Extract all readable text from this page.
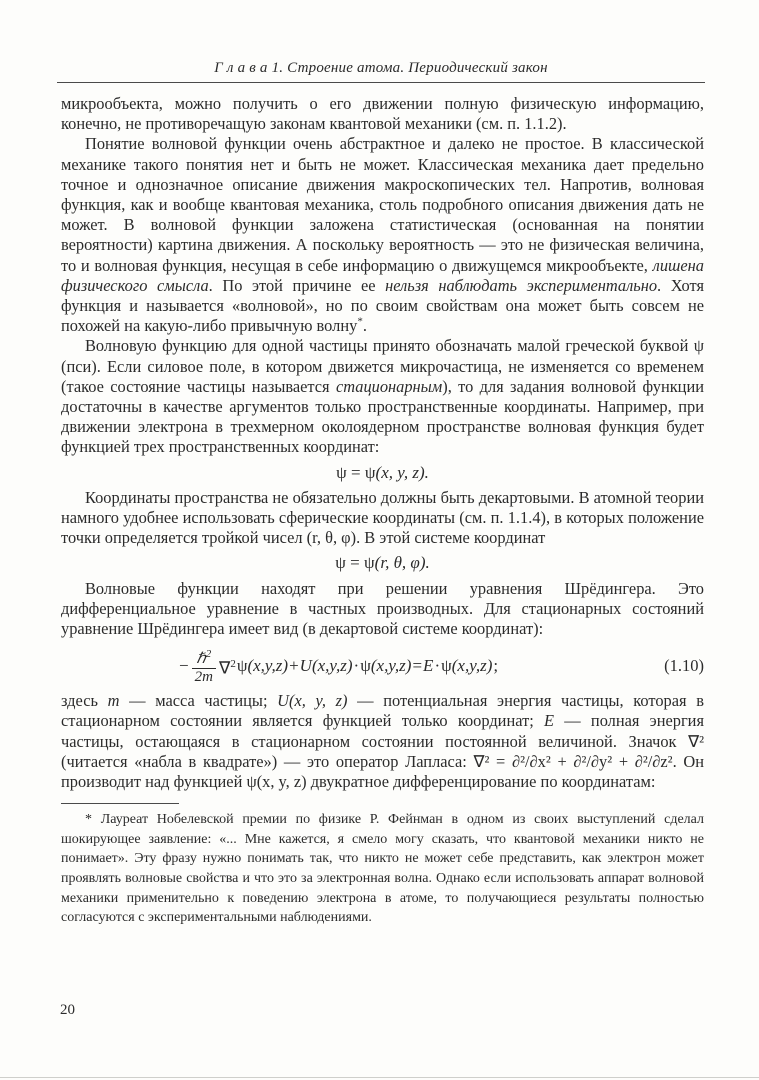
Г л а в а 1. Строение атома. Периодический закон

микрообъекта, можно получить о его движении полную физическую информацию, конечно, не противоречащую законам квантовой механики (см. п. 1.1.2).

Понятие волновой функции очень абстрактное и далеко не простое. В классической механике такого понятия нет и быть не может. Классическая механика дает предельно точное и однозначное описание движения макроскопических тел. Напротив, волновая функция, как и вообще квантовая механика, столь подробного описания движения дать не может. В волновой функции заложена статистическая (основанная на понятии вероятности) картина движения. А поскольку вероятность — это не физическая величина, то и волновая функция, несущая в себе информацию о движущемся микрообъекте, лишена физического смысла. По этой причине ее нельзя наблюдать экспериментально. Хотя функция и называется «волновой», но по своим свойствам она может быть совсем не похожей на какую-либо привычную волну*.

Волновую функцию для одной частицы принято обозначать малой греческой буквой ψ (пси). Если силовое поле, в котором движется микрочастица, не изменяется со временем (такое состояние частицы называется стационарным), то для задания волновой функции достаточны в качестве аргументов только пространственные координаты. Например, при движении электрона в трехмерном околоядерном пространстве волновая функция будет функцией трех пространственных координат:

ψ = ψ(x, y, z).

Координаты пространства не обязательно должны быть декартовыми. В атомной теории намного удобнее использовать сферические координаты (см. п. 1.1.4), в которых положение точки определяется тройкой чисел (r, θ, φ). В этой системе координат

ψ = ψ(r, θ, φ).

Волновые функции находят при решении уравнения Шрёдингера. Это дифференциальное уравнение в частных производных. Для стационарных состояний уравнение Шрёдингера имеет вид (в декартовой системе координат):

− $\frac{\hbar^2}{2m} \nabla^2$ ψ(x,y,z) + U(x,y,z) · ψ(x,y,z) = E · ψ(x,y,z) ;	(1.10)

здесь m — масса частицы; U(x, y, z) — потенциальная энергия частицы, которая в стационарном состоянии является функцией только координат; E — полная энергия частицы, остающаяся в стационарном состоянии постоянной величиной. Значок ∇² (читается «набла в квадрате») — это оператор Лапласа: ∇² = ∂²/∂x² + ∂²/∂y² + ∂²/∂z². Он производит над функцией ψ(x, y, z) двукратное дифференцирование по координатам:

* Лауреат Нобелевской премии по физике Р. Фейнман в одном из своих выступлений сделал шокирующее заявление: «... Мне кажется, я смело могу сказать, что квантовой механики никто не понимает». Эту фразу нужно понимать так, что никто не может себе представить, как электрон может проявлять волновые свойства и что это за электронная волна. Однако если использовать аппарат волновой механики применительно к поведению электрона в атоме, то получающиеся результаты полностью согласуются с экспериментальными наблюдениями.

20
